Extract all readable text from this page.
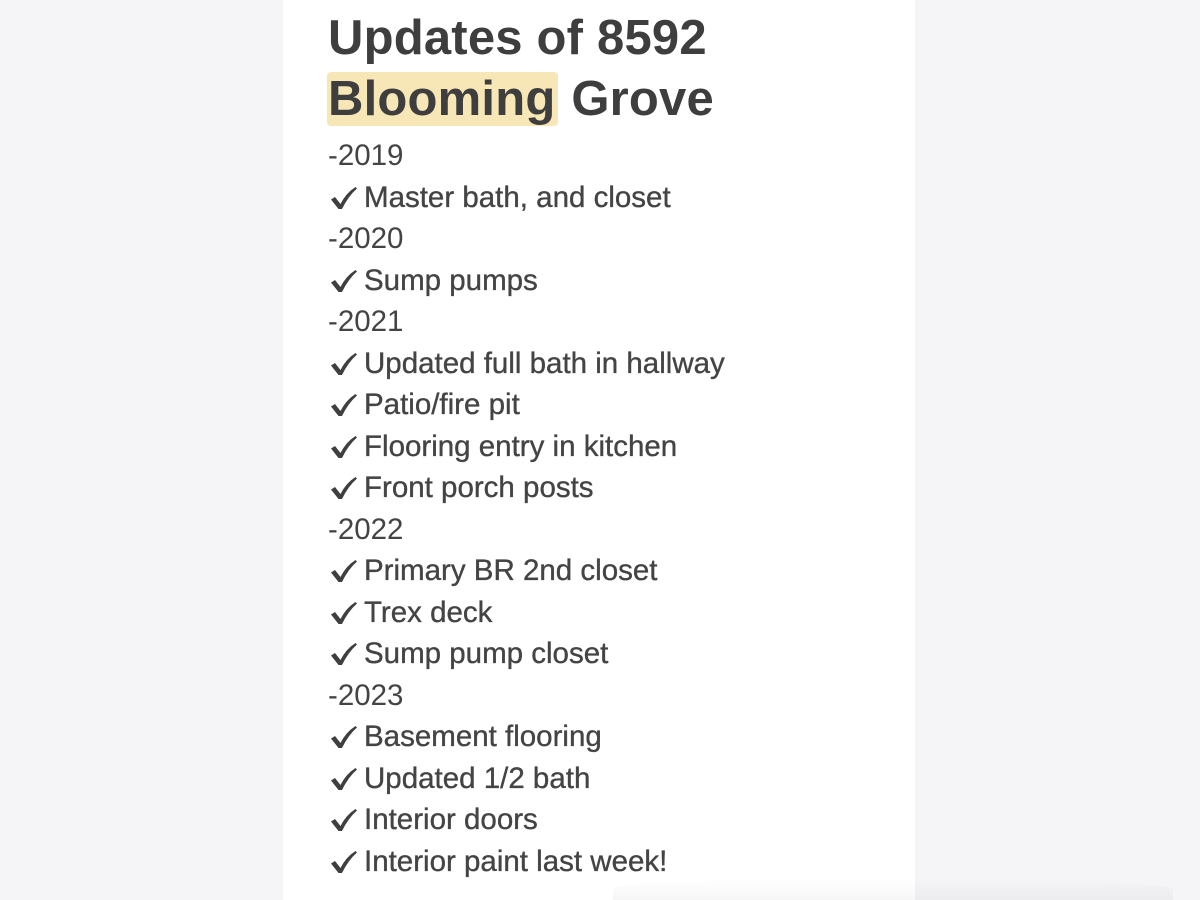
Updates of 8592
Blooming Grove
-2019
Master bath, and closet
-2020
Sump pumps
-2021
Updated full bath in hallway
Patio/fire pit
Flooring entry in kitchen
Front porch posts
-2022
Primary BR 2nd closet
Trex deck
Sump pump closet
-2023
Basement flooring
Updated 1/2 bath
Interior doors
Interior paint last week!
